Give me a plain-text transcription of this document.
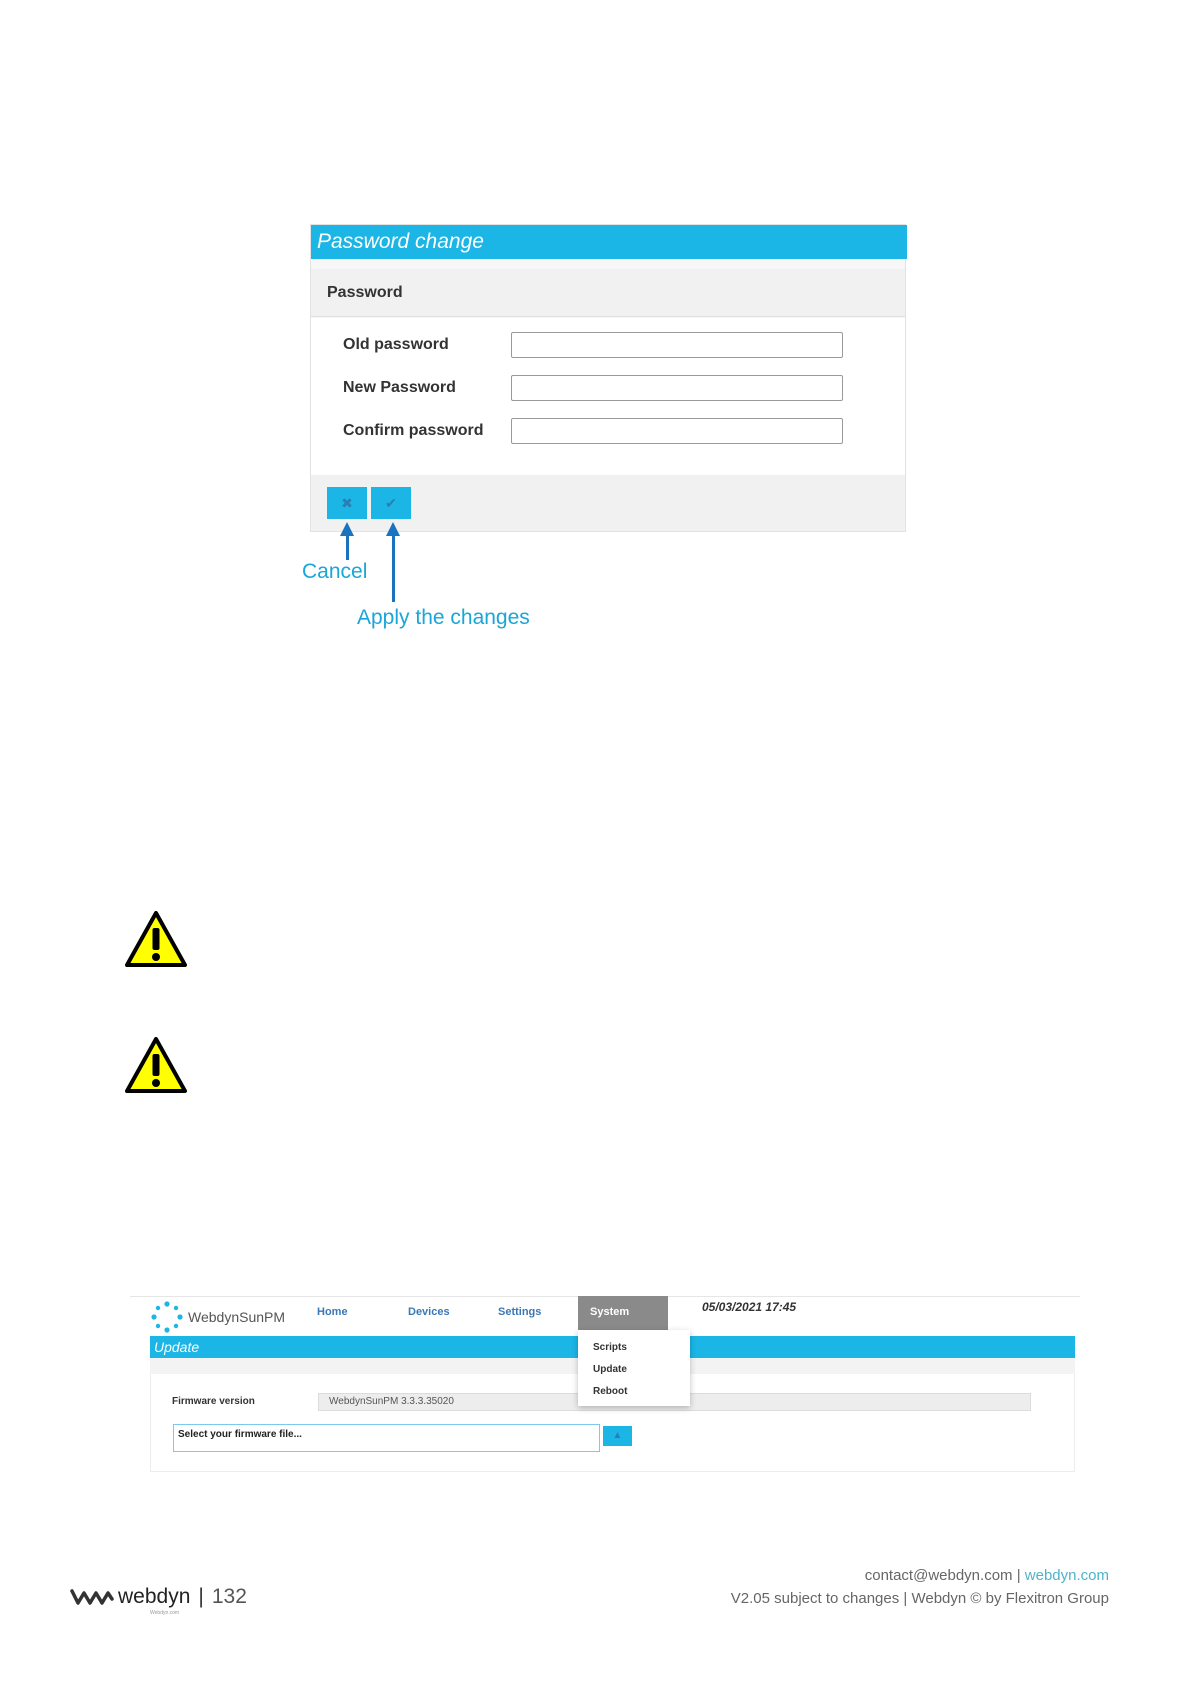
Password change
Password
Old password
New Password
Confirm password
✖	✔
Cancel
Apply the changes
WebdynSunPM	Home	Devices	Settings	System	05/03/2021 17:45
Update
Firmware version	WebdynSunPM 3.3.3.35020
Select your firmware file...	▲
Scripts
Update
Reboot
webdyn | 132
Webdyn.com
contact@webdyn.com | webdyn.com
V2.05 subject to changes | Webdyn © by Flexitron Group
